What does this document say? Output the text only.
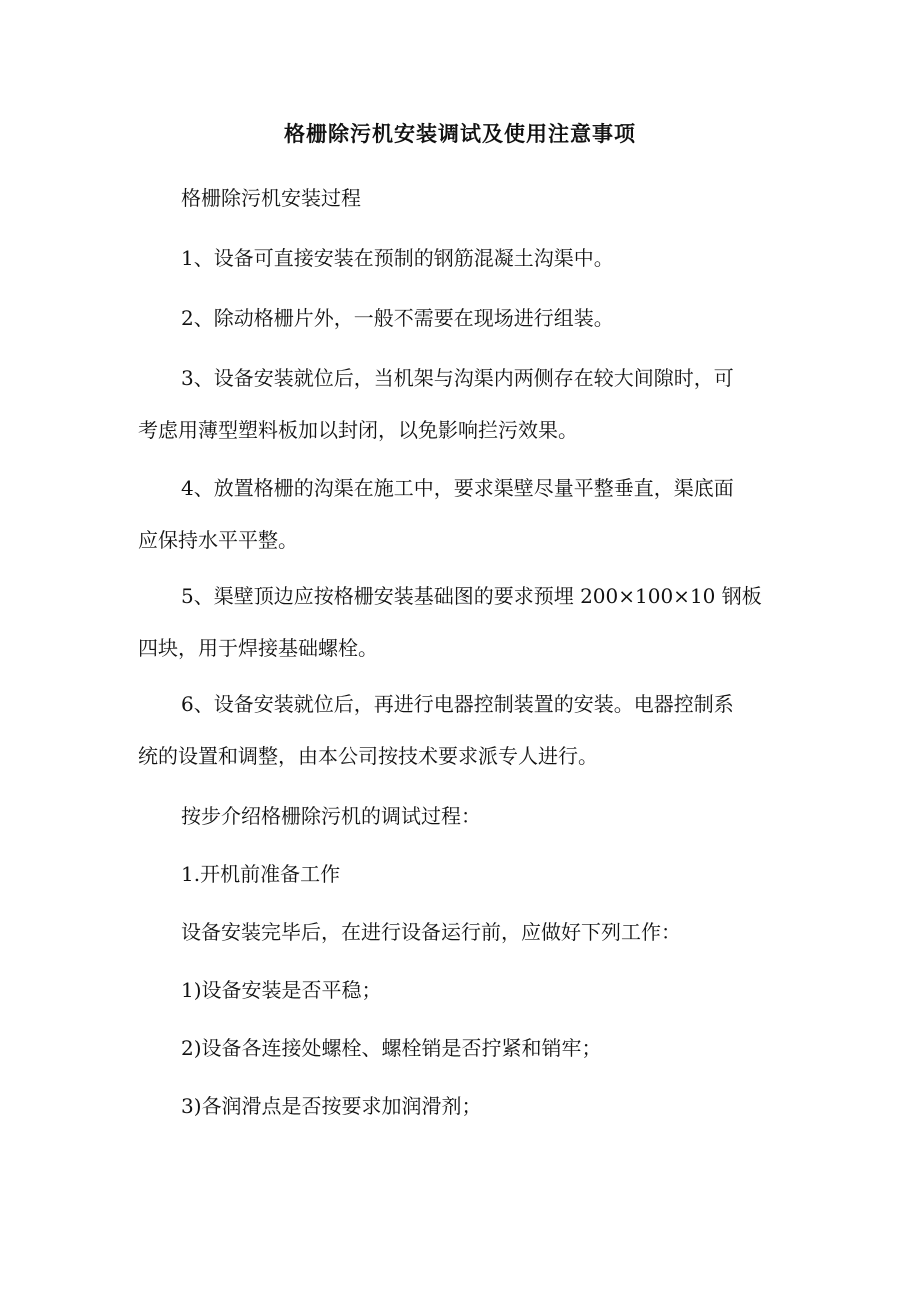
格栅除污机安装调试及使用注意事项

格栅除污机安装过程

1、设备可直接安装在预制的钢筋混凝土沟渠中。

2、除动格栅片外，一般不需要在现场进行组装。

3、设备安装就位后，当机架与沟渠内两侧存在较大间隙时，可
考虑用薄型塑料板加以封闭，以免影响拦污效果。
4、放置格栅的沟渠在施工中，要求渠壁尽量平整垂直，渠底面
应保持水平平整。
5、渠壁顶边应按格栅安装基础图的要求预埋 200×100×10 钢板
四块，用于焊接基础螺栓。
6、设备安装就位后，再进行电器控制装置的安装。电器控制系
统的设置和调整，由本公司按技术要求派专人进行。

按步介绍格栅除污机的调试过程：

1.开机前准备工作

设备安装完毕后，在进行设备运行前，应做好下列工作：

1)设备安装是否平稳；

2)设备各连接处螺栓、螺栓销是否拧紧和销牢；

3)各润滑点是否按要求加润滑剂；
